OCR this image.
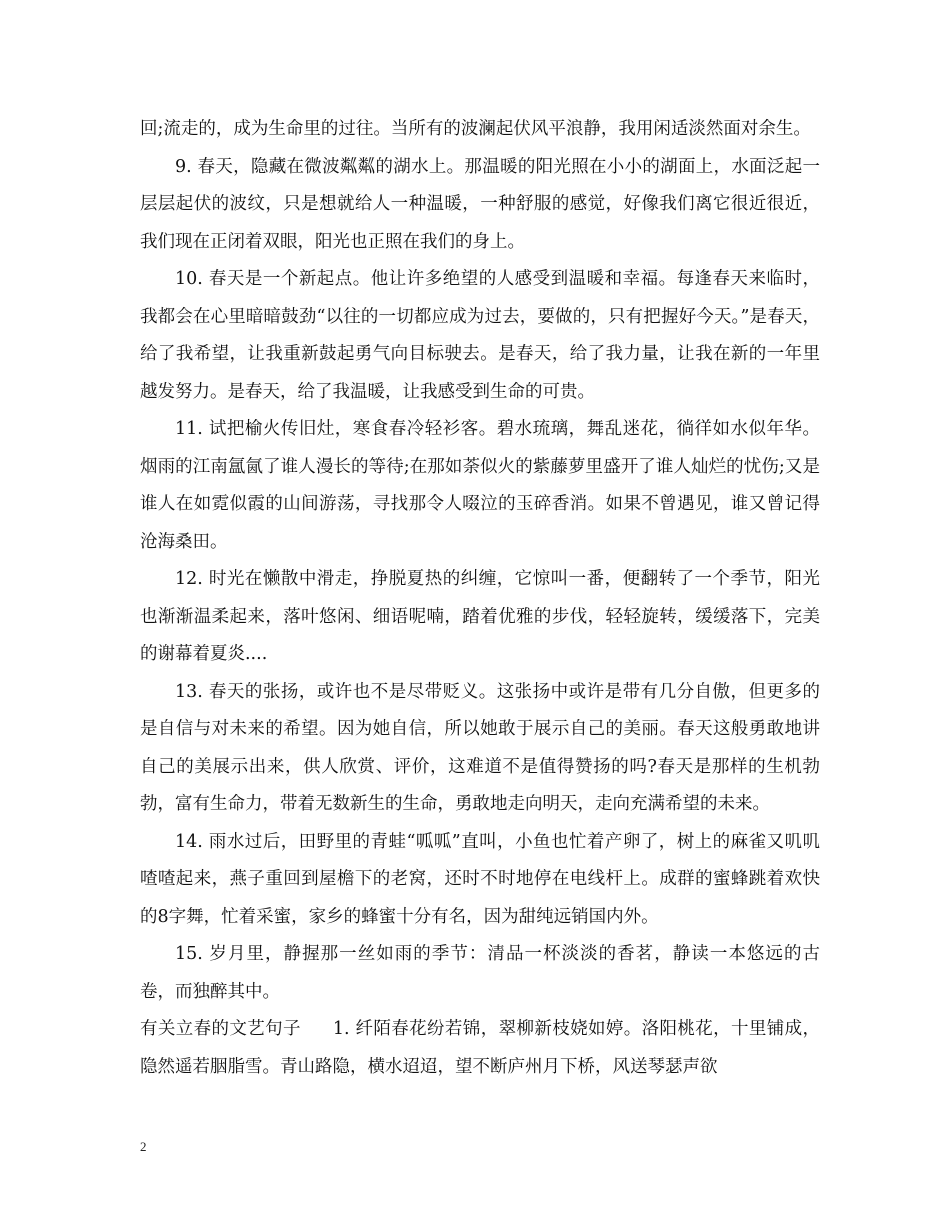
回;流走的，成为生命里的过往。当所有的波澜起伏风平浪静，我用闲适淡然面对余生。

9. 春天，隐藏在微波粼粼的湖水上。那温暖的阳光照在小小的湖面上，水面泛起一层层起伏的波纹，只是想就给人一种温暖，一种舒服的感觉，好像我们离它很近很近，我们现在正闭着双眼，阳光也正照在我们的身上。

10. 春天是一个新起点。他让许多绝望的人感受到温暖和幸福。每逢春天来临时，我都会在心里暗暗鼓劲“以往的一切都应成为过去，要做的，只有把握好今天。”是春天，给了我希望，让我重新鼓起勇气向目标驶去。是春天，给了我力量，让我在新的一年里越发努力。是春天，给了我温暖，让我感受到生命的可贵。

11. 试把榆火传旧灶，寒食春冷轻衫客。碧水琉璃，舞乱迷花，徜徉如水似年华。烟雨的江南氲氤了谁人漫长的等待;在那如荼似火的紫藤萝里盛开了谁人灿烂的忧伤;又是谁人在如霓似霞的山间游荡，寻找那令人啜泣的玉碎香消。如果不曾遇见，谁又曾记得沧海桑田。

12. 时光在懒散中滑走，挣脱夏热的纠缠，它惊叫一番，便翻转了一个季节，阳光也渐渐温柔起来，落叶悠闲、细语呢喃，踏着优雅的步伐，轻轻旋转，缓缓落下，完美的谢幕着夏炎....

13. 春天的张扬，或许也不是尽带贬义。这张扬中或许是带有几分自傲，但更多的是自信与对未来的希望。因为她自信，所以她敢于展示自己的美丽。春天这般勇敢地讲自己的美展示出来，供人欣赏、评价，这难道不是值得赞扬的吗?春天是那样的生机勃勃，富有生命力，带着无数新生的生命，勇敢地走向明天，走向充满希望的未来。

14. 雨水过后，田野里的青蛙“呱呱”直叫，小鱼也忙着产卵了，树上的麻雀又叽叽喳喳起来，燕子重回到屋檐下的老窝，还时不时地停在电线杆上。成群的蜜蜂跳着欢快的8字舞，忙着采蜜，家乡的蜂蜜十分有名，因为甜纯远销国内外。

15. 岁月里，静握那一丝如雨的季节：清品一杯淡淡的香茗，静读一本悠远的古卷，而独醉其中。

有关立春的文艺句子 1. 纤陌春花纷若锦，翠柳新枝娆如婷。洛阳桃花，十里铺成，隐然遥若胭脂雪。青山路隐，横水迢迢，望不断庐州月下桥，风送琴瑟声欲

2
